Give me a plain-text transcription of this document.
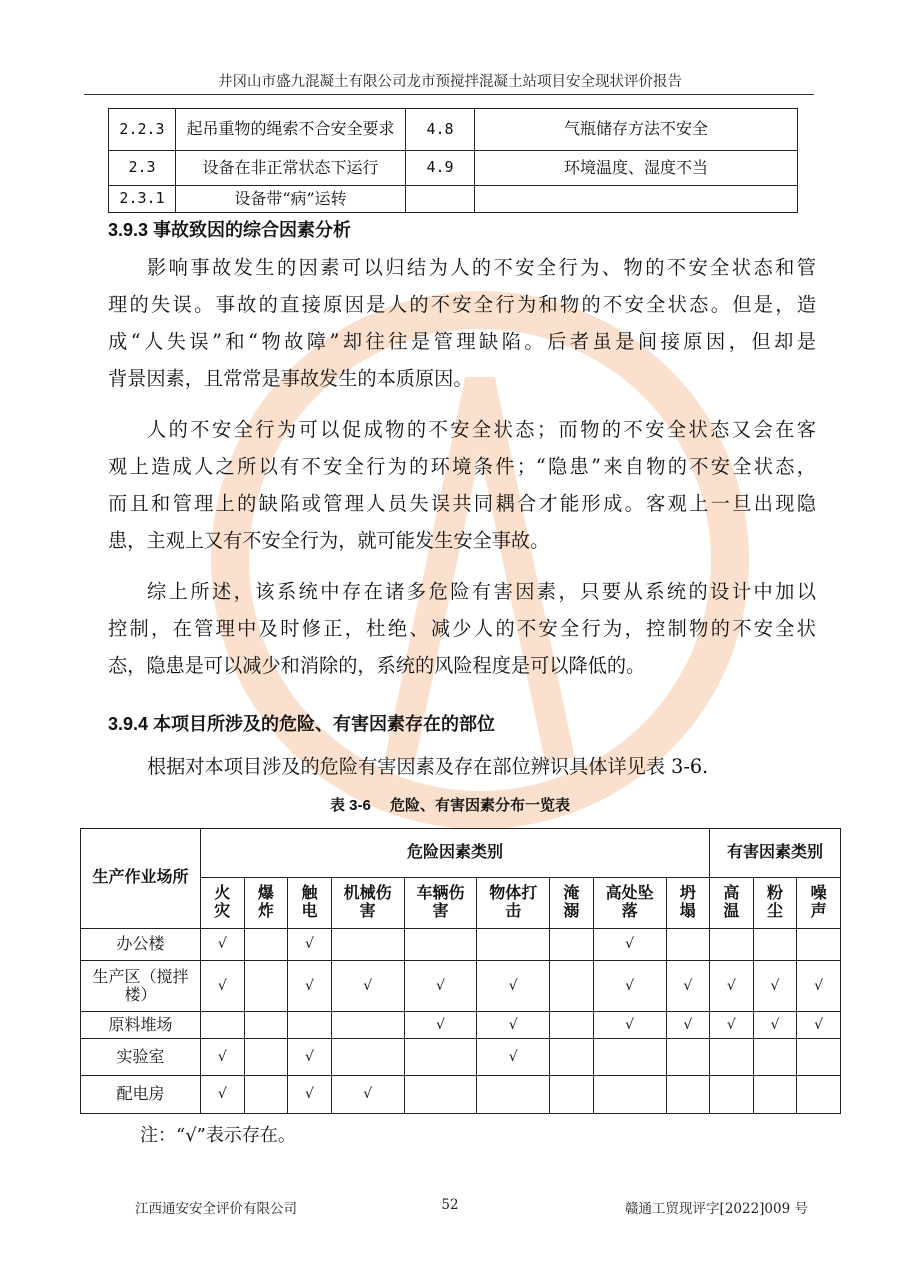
井冈山市盛九混凝土有限公司龙市预搅拌混凝土站项目安全现状评价报告
2.2.3	起吊重物的绳索不合安全要求	4.8	气瓶储存方法不安全
2.3	设备在非正常状态下运行	4.9	环境温度、湿度不当
2.3.1	设备带“病”运转		
3.9.3 事故致因的综合因素分析
影响事故发生的因素可以归结为人的不安全行为、物的不安全状态和管
理的失误。事故的直接原因是人的不安全行为和物的不安全状态。但是，造
成“人失误”和“物故障”却往往是管理缺陷。后者虽是间接原因，但却是
背景因素，且常常是事故发生的本质原因。
人的不安全行为可以促成物的不安全状态；而物的不安全状态又会在客
观上造成人之所以有不安全行为的环境条件；“隐患”来自物的不安全状态，
而且和管理上的缺陷或管理人员失误共同耦合才能形成。客观上一旦出现隐
患，主观上又有不安全行为，就可能发生安全事故。
综上所述，该系统中存在诸多危险有害因素，只要从系统的设计中加以
控制，在管理中及时修正，杜绝、减少人的不安全行为，控制物的不安全状
态，隐患是可以减少和消除的，系统的风险程度是可以降低的。
3.9.4 本项目所涉及的危险、有害因素存在的部位
根据对本项目涉及的危险有害因素及存在部位辨识具体详见表 3-6.
表 3-6　 危险、有害因素分布一览表
生产作业场所	危险因素类别									有害因素类别		
	火灾	爆炸	触电	机械伤害	车辆伤害	物体打击	淹溺	高处坠落	坍塌	高温	粉尘	噪声
办公楼	√		√					√				
生产区（搅拌楼）	√		√	√	√	√		√	√	√	√	√
原料堆场					√	√		√	√	√	√	√
实验室	√		√			√						
配电房	√		√	√								
注：“√”表示存在。
江西通安安全评价有限公司	52	赣通工贸现评字[2022]009 号
